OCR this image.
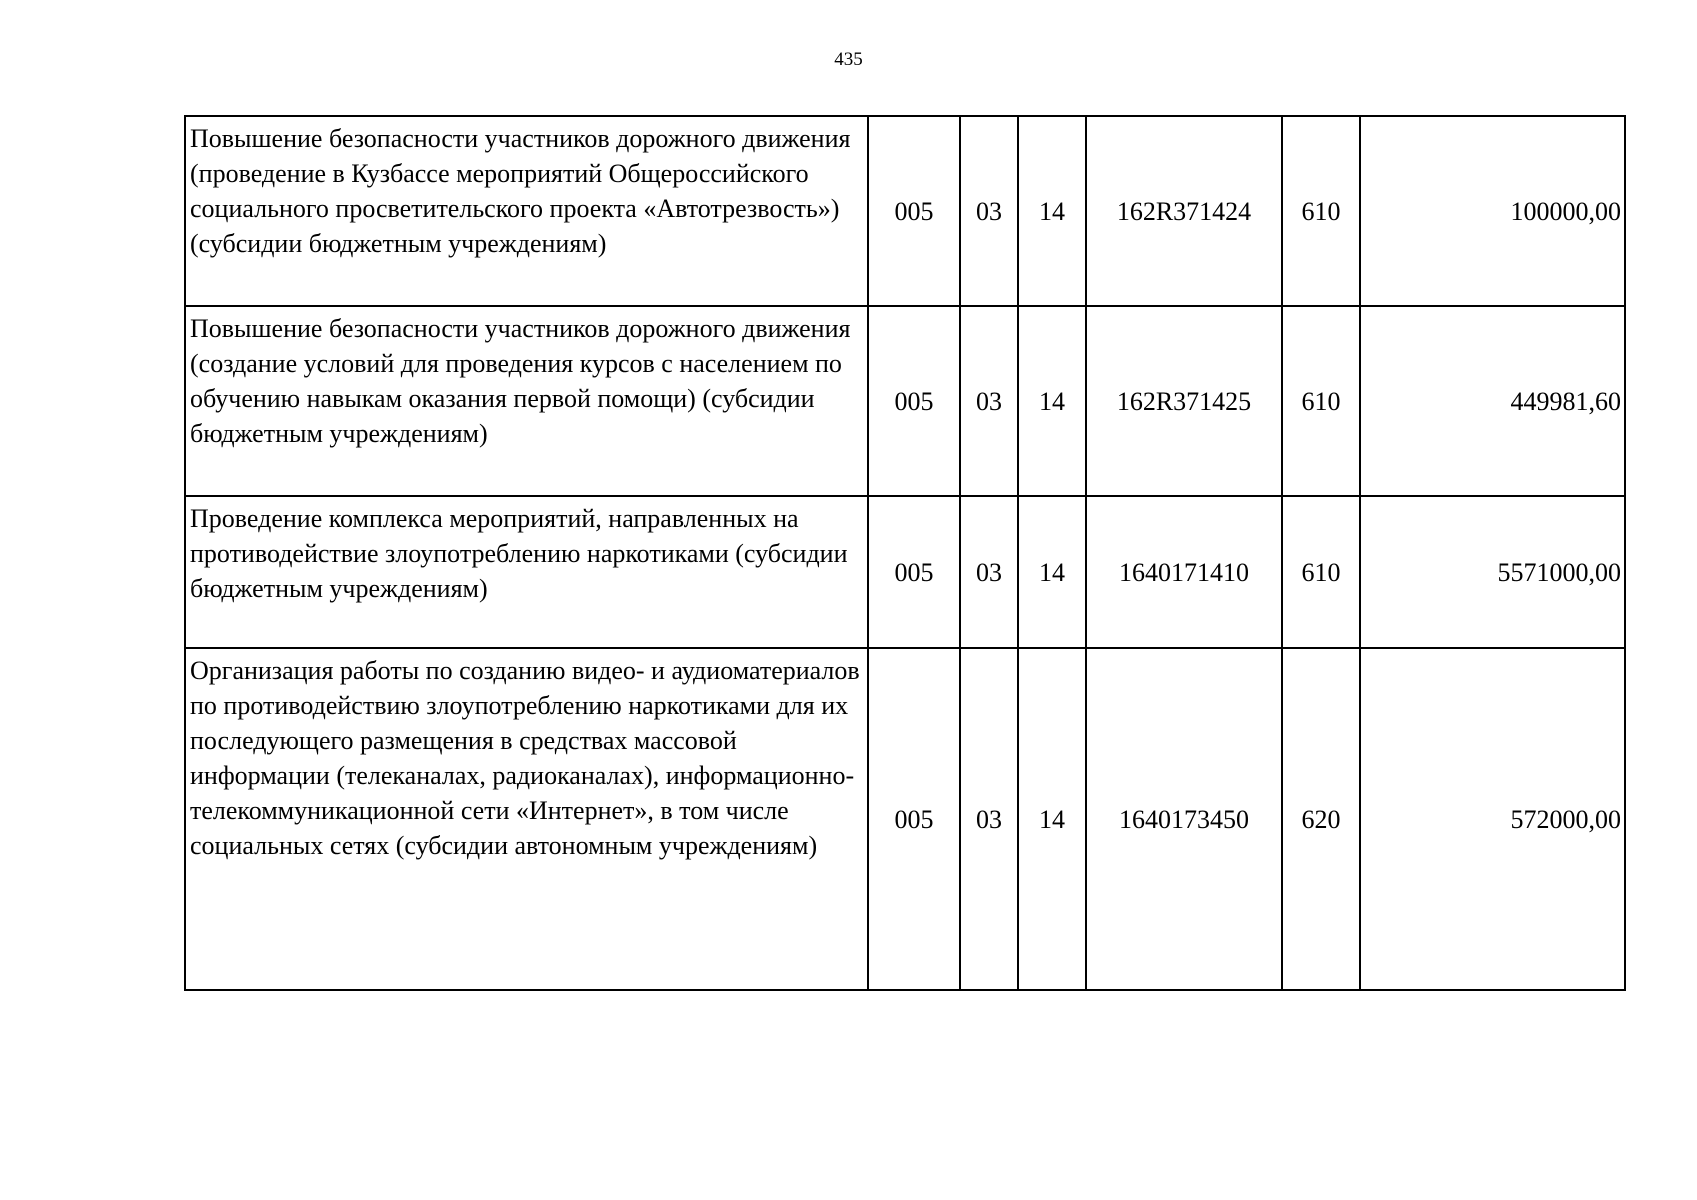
435
Повышение безопасности участников дорожного движения (проведение в Кузбассе мероприятий Общероссийского социального просветительского проекта «Автотрезвость») (субсидии бюджетным учреждениям)	005	03	14	162R371424	610	100000,00
Повышение безопасности участников дорожного движения (создание условий для проведения курсов с населением по обучению навыкам оказания первой помощи) (субсидии бюджетным учреждениям)	005	03	14	162R371425	610	449981,60
Проведение комплекса мероприятий, направленных на противодействие злоупотреблению наркотиками (субсидии бюджетным учреждениям)	005	03	14	1640171410	610	5571000,00
Организация работы по созданию видео- и аудиоматериалов по противодействию злоупотреблению наркотиками для их последующего размещения в средствах массовой информации (телеканалах, радиоканалах), информационно-телекоммуникационной сети «Интернет», в том числе социальных сетях (субсидии автономным учреждениям)	005	03	14	1640173450	620	572000,00
